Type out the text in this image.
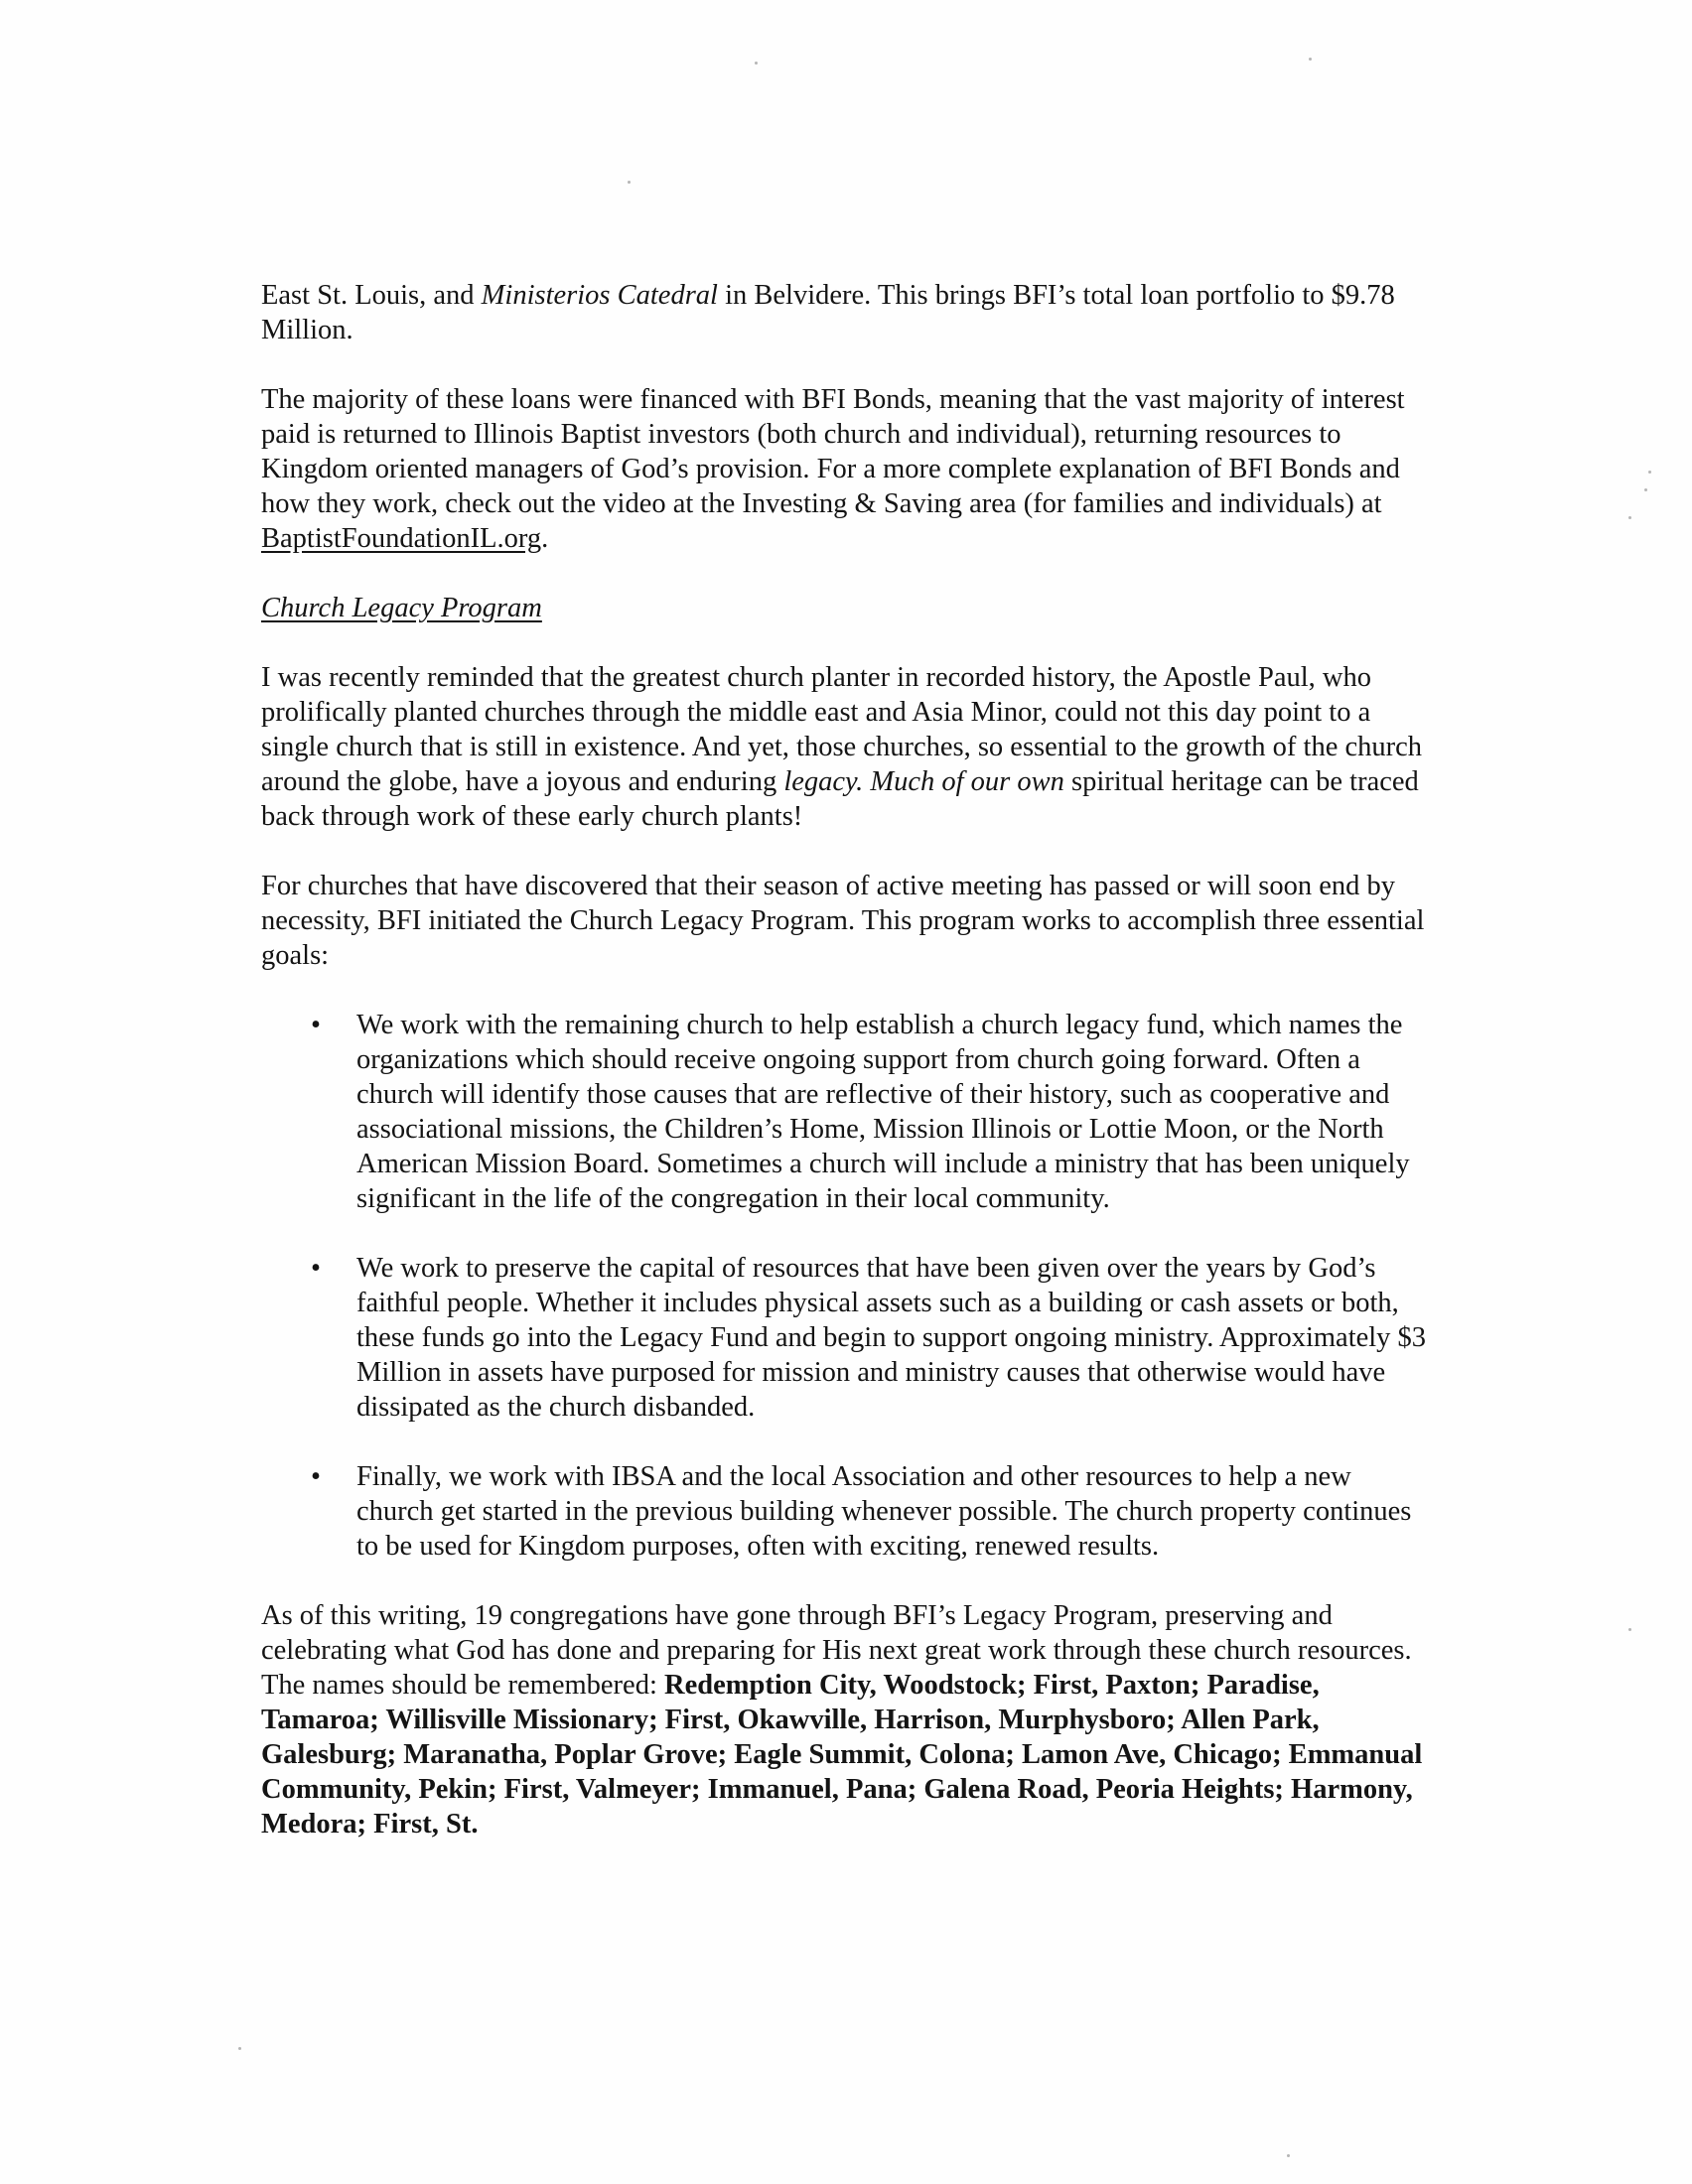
East St. Louis, and Ministerios Catedral in Belvidere. This brings BFI’s total loan portfolio to $9.78 Million.

The majority of these loans were financed with BFI Bonds, meaning that the vast majority of interest paid is returned to Illinois Baptist investors (both church and individual), returning resources to Kingdom oriented managers of God’s provision. For a more complete explanation of BFI Bonds and how they work, check out the video at the Investing & Saving area (for families and individuals) at BaptistFoundationIL.org.

Church Legacy Program

I was recently reminded that the greatest church planter in recorded history, the Apostle Paul, who prolifically planted churches through the middle east and Asia Minor, could not this day point to a single church that is still in existence. And yet, those churches, so essential to the growth of the church around the globe, have a joyous and enduring legacy. Much of our own spiritual heritage can be traced back through work of these early church plants!

For churches that have discovered that their season of active meeting has passed or will soon end by necessity, BFI initiated the Church Legacy Program. This program works to accomplish three essential goals:

• We work with the remaining church to help establish a church legacy fund, which names the organizations which should receive ongoing support from church going forward. Often a church will identify those causes that are reflective of their history, such as cooperative and associational missions, the Children’s Home, Mission Illinois or Lottie Moon, or the North American Mission Board. Sometimes a church will include a ministry that has been uniquely significant in the life of the congregation in their local community.
• We work to preserve the capital of resources that have been given over the years by God’s faithful people. Whether it includes physical assets such as a building or cash assets or both, these funds go into the Legacy Fund and begin to support ongoing ministry. Approximately $3 Million in assets have purposed for mission and ministry causes that otherwise would have dissipated as the church disbanded.
• Finally, we work with IBSA and the local Association and other resources to help a new church get started in the previous building whenever possible. The church property continues to be used for Kingdom purposes, often with exciting, renewed results.

As of this writing, 19 congregations have gone through BFI’s Legacy Program, preserving and celebrating what God has done and preparing for His next great work through these church resources. The names should be remembered: Redemption City, Woodstock; First, Paxton; Paradise, Tamaroa; Willisville Missionary; First, Okawville, Harrison, Murphysboro; Allen Park, Galesburg; Maranatha, Poplar Grove; Eagle Summit, Colona; Lamon Ave, Chicago; Emmanual Community, Pekin; First, Valmeyer; Immanuel, Pana; Galena Road, Peoria Heights; Harmony, Medora; First, St.
